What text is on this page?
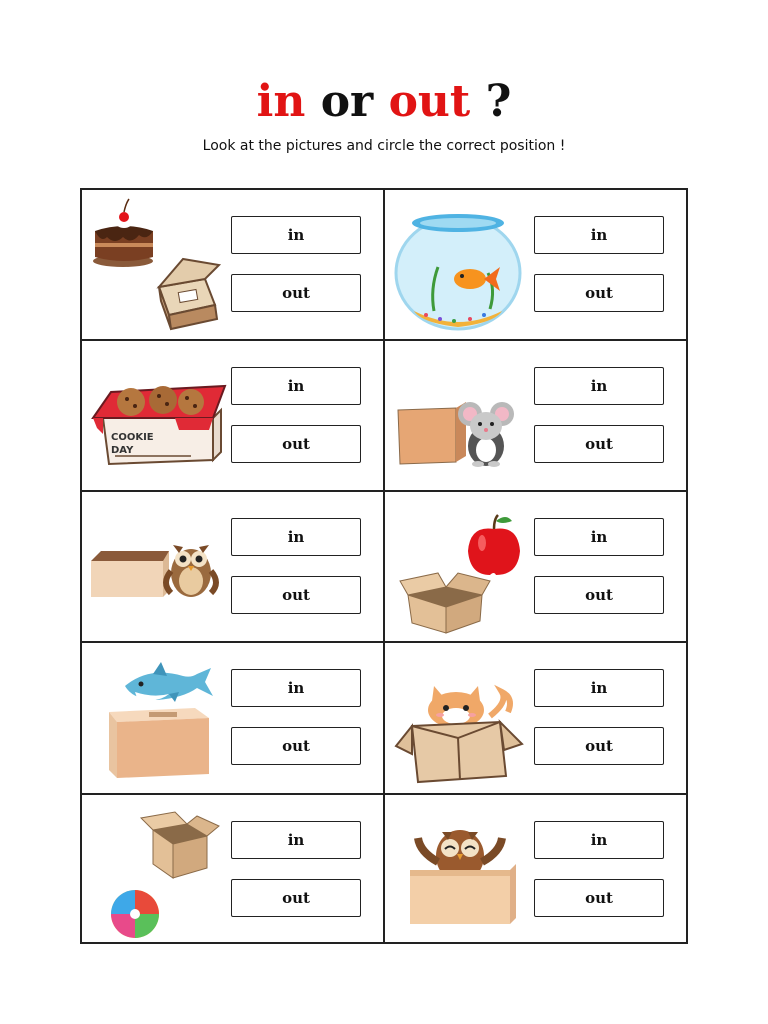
in or out ?
Look at the pictures and circle the correct position !
in
out
in
out
COOKIE
DAY
in
out
in
out
in
out
in
out
in
out
in
out
in
out
in
out
